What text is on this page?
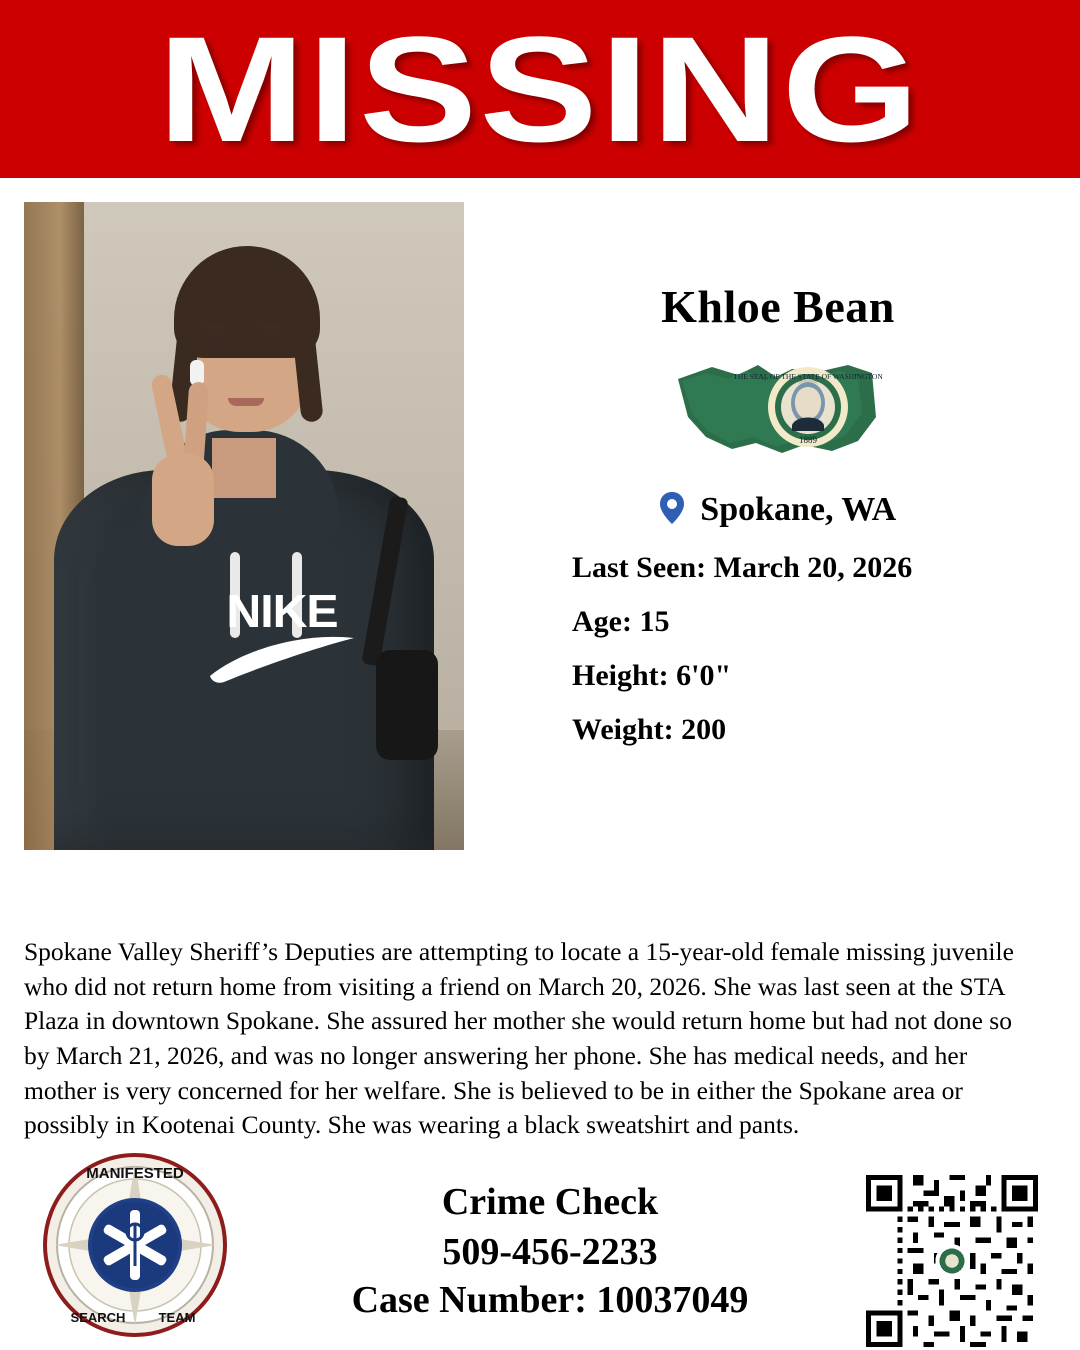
MISSING
NIKE
Khloe Bean
1889
THE SEAL OF THE STATE OF WASHINGTON
Spokane, WA

Last Seen: March 20, 2026

Age: 15

Height: 6'0"

Weight: 200

Spokane Valley Sheriff’s Deputies are attempting to locate a 15-year-old female missing juvenile who did not return home from visiting a friend on March 20, 2026. She was last seen at the STA Plaza in downtown Spokane. She assured her mother she would return home but had not done so by March 21, 2026, and was no longer answering her phone. She has medical needs, and her mother is very concerned for her welfare. She is believed to be in either the Spokane area or possibly in Kootenai County. She was wearing a black sweatshirt and pants.
MANIFESTED
SEARCH	TEAM
Crime Check
509-456-2233
Case Number: 10037049
